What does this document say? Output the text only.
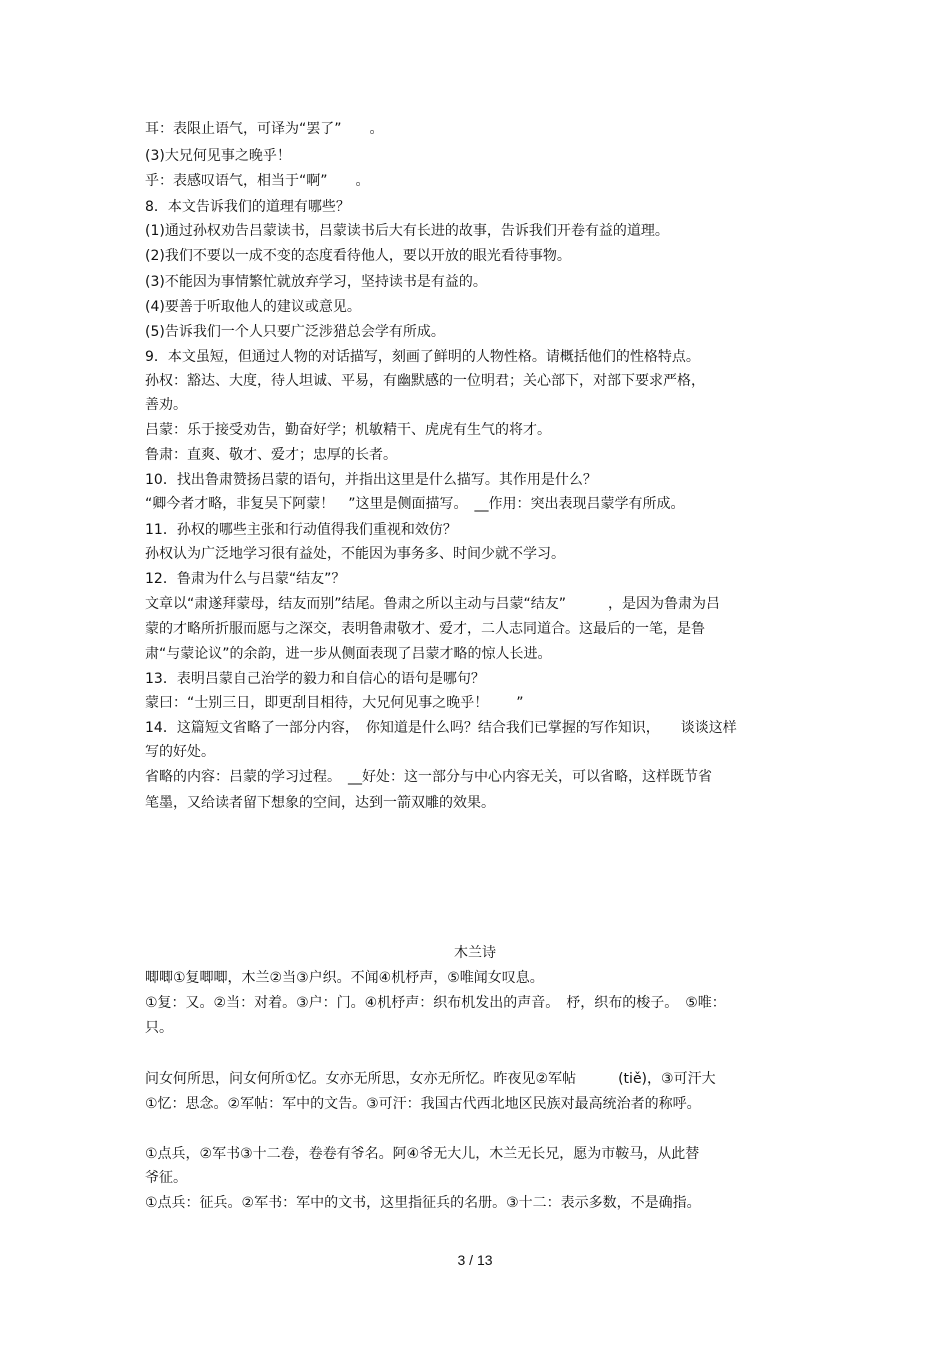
耳：表限止语气，可译为“罢了”　　。
(3)大兄何见事之晚乎！
乎：表感叹语气，相当于“啊”　　。
8．本文告诉我们的道理有哪些？
(1)通过孙权劝告吕蒙读书，吕蒙读书后大有长进的故事，告诉我们开卷有益的道理。
(2)我们不要以一成不变的态度看待他人，要以开放的眼光看待事物。
(3)不能因为事情繁忙就放弃学习，坚持读书是有益的。
(4)要善于听取他人的建议或意见。
(5)告诉我们一个人只要广泛涉猎总会学有所成。
9．本文虽短，但通过人物的对话描写，刻画了鲜明的人物性格。请概括他们的性格特点。
孙权：豁达、大度，待人坦诚、平易，有幽默感的一位明君；关心部下，对部下要求严格，
善劝。
吕蒙：乐于接受劝告，勤奋好学；机敏精干、虎虎有生气的将才。
鲁肃：直爽、敬才、爱才；忠厚的长者。
10．找出鲁肃赞扬吕蒙的语句，并指出这里是什么描写。其作用是什么？
“卿今者才略，非复吴下阿蒙！　”这里是侧面描写。　__作用：突出表现吕蒙学有所成。
11．孙权的哪些主张和行动值得我们重视和效仿？
孙权认为广泛地学习很有益处，不能因为事务多、时间少就不学习。
12．鲁肃为什么与吕蒙“结友”？
文章以“肃遂拜蒙母，结友而别”结尾。鲁肃之所以主动与吕蒙“结友”　　　，是因为鲁肃为吕
蒙的才略所折服而愿与之深交，表明鲁肃敬才、爱才，二人志同道合。这最后的一笔，是鲁
肃“与蒙论议”的余韵，进一步从侧面表现了吕蒙才略的惊人长进。
13．表明吕蒙自己治学的毅力和自信心的语句是哪句？
蒙曰：“士别三日，即更刮目相待，大兄何见事之晚乎！　　”
14．这篇短文省略了一部分内容，　你知道是什么吗？结合我们已掌握的写作知识，　　谈谈这样
写的好处。
省略的内容：吕蒙的学习过程。　__好处：这一部分与中心内容无关，可以省略，这样既节省
笔墨，又给读者留下想象的空间，达到一箭双雕的效果。
木兰诗
唧唧①复唧唧，木兰②当③户织。不闻④机杼声，⑤唯闻女叹息。
①复：又。②当：对着。③户：门。④机杼声：织布机发出的声音。　杼，织布的梭子。　⑤唯：
只。
问女何所思，问女何所①忆。女亦无所思，女亦无所忆。昨夜见②军帖　　　(tiě)，③可汗大
①忆：思念。②军帖：军中的文告。③可汗：我国古代西北地区民族对最高统治者的称呼。
①点兵，②军书③十二卷，卷卷有爷名。阿④爷无大儿，木兰无长兄，愿为市鞍马，从此替
爷征。
①点兵：征兵。②军书：军中的文书，这里指征兵的名册。③十二：表示多数，不是确指。
3 / 13
